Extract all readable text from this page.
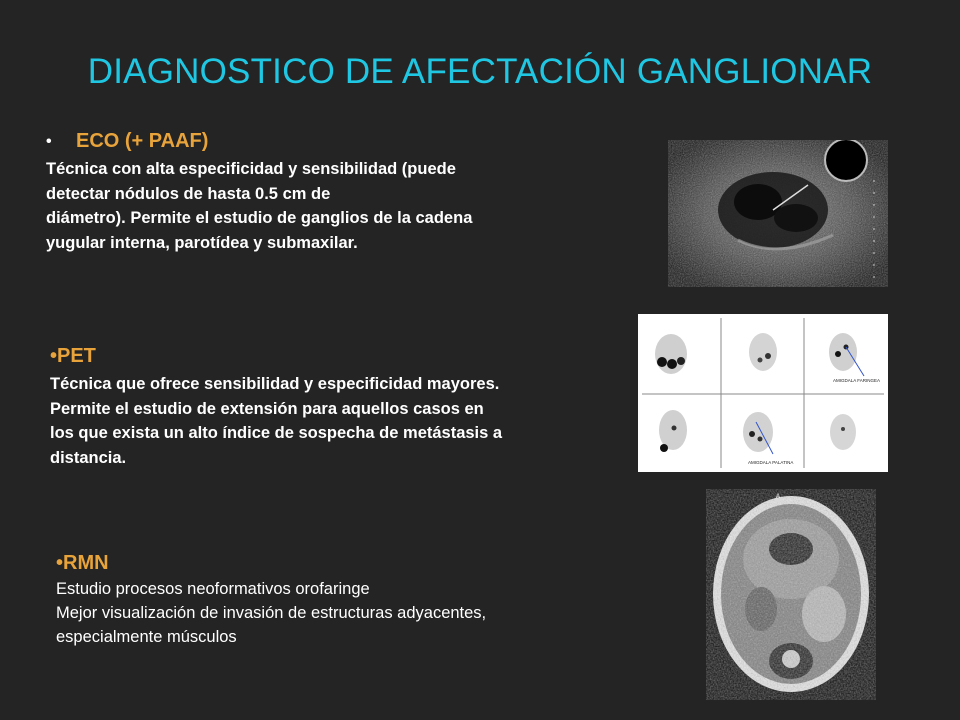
DIAGNOSTICO DE AFECTACIÓN GANGLIONAR
•	ECO (+ PAAF)
Técnica con alta especificidad y sensibilidad (puede
detectar nódulos de hasta 0.5 cm de
diámetro). Permite el estudio de ganglios de la cadena
yugular interna, parotídea y submaxilar.
•PET
Técnica que ofrece sensibilidad y especificidad mayores.
Permite el estudio de extensión para aquellos casos en
los que exista un alto índice de sospecha de metástasis a
distancia.
•RMN
Estudio procesos neoformativos orofaringe
Mejor visualización de invasión de estructuras adyacentes,
especialmente músculos
AMIGDALA FARINGEA
AMIGDALA PALATINA
A
